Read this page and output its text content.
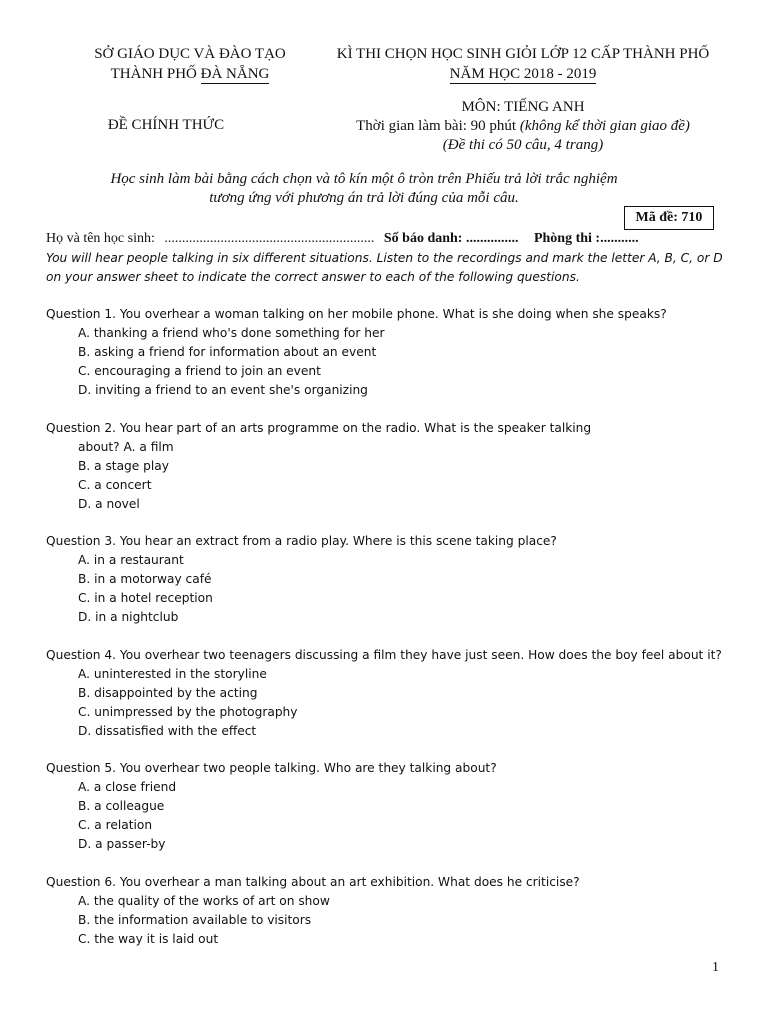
SỞ GIÁO DỤC VÀ ĐÀO TẠO
THÀNH PHỐ ĐÀ NẴNG
KÌ THI CHỌN HỌC SINH GIỎI LỚP 12 CẤP THÀNH PHỐ
NĂM HỌC 2018 - 2019
MÔN: TIẾNG ANH
ĐỀ CHÍNH THỨC	Thời gian làm bài: 90 phút (không kể thời gian giao đề)
(Đề thi có 50 câu, 4 trang)
Học sinh làm bài bằng cách chọn và tô kín một ô tròn trên Phiếu trả lời trắc nghiệm
tương ứng với phương án trả lời đúng của mỗi câu.
Mã đề: 710
Họ và tên học sinh: ............................................................ Số báo danh: ............... Phòng thi :...........
You will hear people talking in six different situations. Listen to the recordings and mark the letter A, B, C, or D on your answer sheet to indicate the correct answer to each of the following questions.
Question 1. You overhear a woman talking on her mobile phone. What is she doing when she speaks?
A. thanking a friend who's done something for her
B. asking a friend for information about an event
C. encouraging a friend to join an event
D. inviting a friend to an event she's organizing
Question 2. You hear part of an arts programme on the radio. What is the speaker talking
about? A. a film
B. a stage play
C. a concert
D. a novel
Question 3. You hear an extract from a radio play. Where is this scene taking place?
A. in a restaurant
B. in a motorway café
C. in a hotel reception
D. in a nightclub
Question 4. You overhear two teenagers discussing a film they have just seen. How does the boy feel about it?
A. uninterested in the storyline
B. disappointed by the acting
C. unimpressed by the photography
D. dissatisfied with the effect
Question 5. You overhear two people talking. Who are they talking about?
A. a close friend
B. a colleague
C. a relation
D. a passer-by
Question 6. You overhear a man talking about an art exhibition. What does he criticise?
A. the quality of the works of art on show
B. the information available to visitors
C. the way it is laid out
1
